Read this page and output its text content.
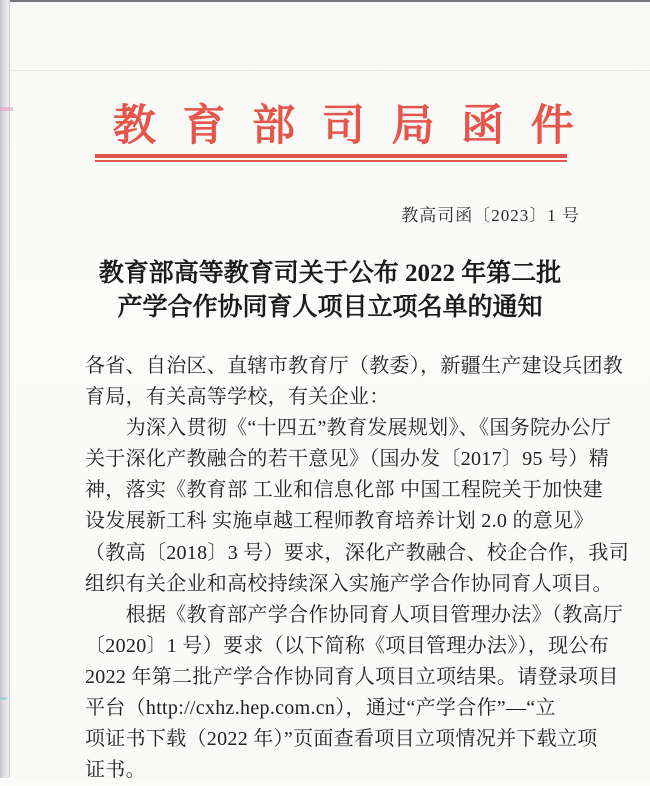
教育部司局函件
教高司函〔2023〕1 号
教育部高等教育司关于公布 2022 年第二批
产学合作协同育人项目立项名单的通知
各省、自治区、直辖市教育厅（教委），新疆生产建设兵团教
育局，有关高等学校，有关企业：
　　为深入贯彻《“十四五”教育发展规划》、《国务院办公厅
关于深化产教融合的若干意见》（国办发〔2017〕95 号）精
神，落实《教育部 工业和信息化部 中国工程院关于加快建
设发展新工科 实施卓越工程师教育培养计划 2.0 的意见》
（教高〔2018〕3 号）要求，深化产教融合、校企合作，我司
组织有关企业和高校持续深入实施产学合作协同育人项目。
　　根据《教育部产学合作协同育人项目管理办法》（教高厅
〔2020〕1 号）要求（以下简称《项目管理办法》），现公布
2022 年第二批产学合作协同育人项目立项结果。请登录项目
平台（http://cxhz.hep.com.cn），通过“产学合作”—“立
项证书下载（2022 年）”页面查看项目立项情况并下载立项
证书。
